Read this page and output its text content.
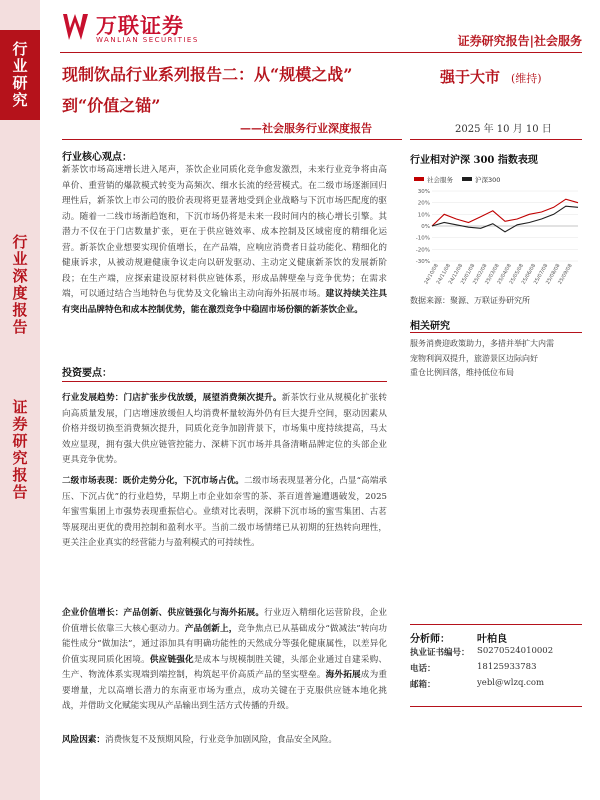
行
业
研
究
行
业
深
度
报
告
证
券
研
究
报
告
万联证券
WANLIAN SECURITIES	证券研究报告|社会服务
现制饮品行业系列报告二：从“规模之战”
到“价值之锚”
——社会服务行业深度报告
强于大市 (维持)
2025 年 10 月 10 日
行业核心观点：
新茶饮市场高速增长进入尾声，茶饮企业同质化竞争愈发激烈，未来行业竞争将由高单价、重营销的爆款模式转变为高频次、细水长流的经营模式。在二级市场逐渐回归理性后，新茶饮上市公司的股价表现将更显著地受到企业战略与下沉市场匹配度的驱动。随着一二线市场渐趋饱和，下沉市场仍将是未来一段时间内的核心增长引擎。其潜力不仅在于门店数量扩张，更在于供应链效率、成本控制及区域密度的精细化运营。新茶饮企业想要实现价值增长，在产品端，应响应消费者日益功能化、精细化的健康诉求，从被动规避健康争议走向以研发驱动、主动定义健康新茶饮的发展新阶段；在生产端，应探索建设原材料供应链体系，形成品牌壁垒与竞争优势；在需求端，可以通过结合当地特色与优势及文化输出主动向海外拓展市场。建议持续关注具有突出品牌特色和成本控制优势，能在激烈竞争中稳固市场份额的新茶饮企业。
投资要点：
行业发展趋势：门店扩张步伐放缓，展望消费频次提升。新茶饮行业从规模化扩张转向高质量发展，门店增速放缓但人均消费杯量较海外仍有巨大提升空间，驱动因素从价格并级切换至消费频次提升，同质化竞争加剧背景下，市场集中度持续提高，马太效应显现，拥有强大供应链管控能力、深耕下沉市场并具备清晰品牌定位的头部企业更具竞争优势。
二级市场表现：既价走势分化，下沉市场占优。二级市场表现显著分化，凸显“高端承压、下沉占优”的行业趋势，早期上市企业如奈雪的茶、茶百道普遍遭遇破发，2025 年蜜雪集团上市强势表现重振信心。业绩对比表明，深耕下沉市场的蜜雪集团、古茗等展现出更优的费用控制和盈利水平。当前二级市场情绪已从初期的狂热转向理性，更关注企业真实的经营能力与盈利模式的可持续性。
企业价值增长：产品创新、供应链强化与海外拓展。行业迈入精细化运营阶段，企业价值增长依靠三大核心驱动力。产品创新上，竞争焦点已从基础成分“做减法”转向功能性成分“做加法”，通过添加具有明确功能性的天然成分等强化健康属性，以差异化价值实现同质化困境。供应链强化是成本与规模制胜关键，头部企业通过自建采购、生产、物流体系实现端到端控制，构筑起平价高质产品的坚实壁垒。海外拓展成为重要增量，尤以高增长潜力的东南亚市场为重点，成功关键在于克服供应链本地化挑战，并借助文化赋能实现从产品输出到生活方式传播的升级。
风险因素：消费恢复不及预期风险，行业竞争加剧风险，食品安全风险。
行业相对沪深 300 指数表现
社会服务	沪深300
-30%
-20%
-10%
0%
10%
20%
30%
24/10/08
24/11/08
24/12/08
25/01/08
25/02/08
25/03/08
25/04/08
25/05/08
25/06/08
25/07/08
25/08/08
25/09/08
数据来源：聚源、万联证券研究所
相关研究
服务消费迎政策助力，多措并举扩大内需
宠物利润双提升，旅游景区边际向好
重仓比例回落，维持低位布局
分析师：	叶柏良
执业证书编号： S0270524010002
电话：	18125933783
邮箱：	yebl@wlzq.com
